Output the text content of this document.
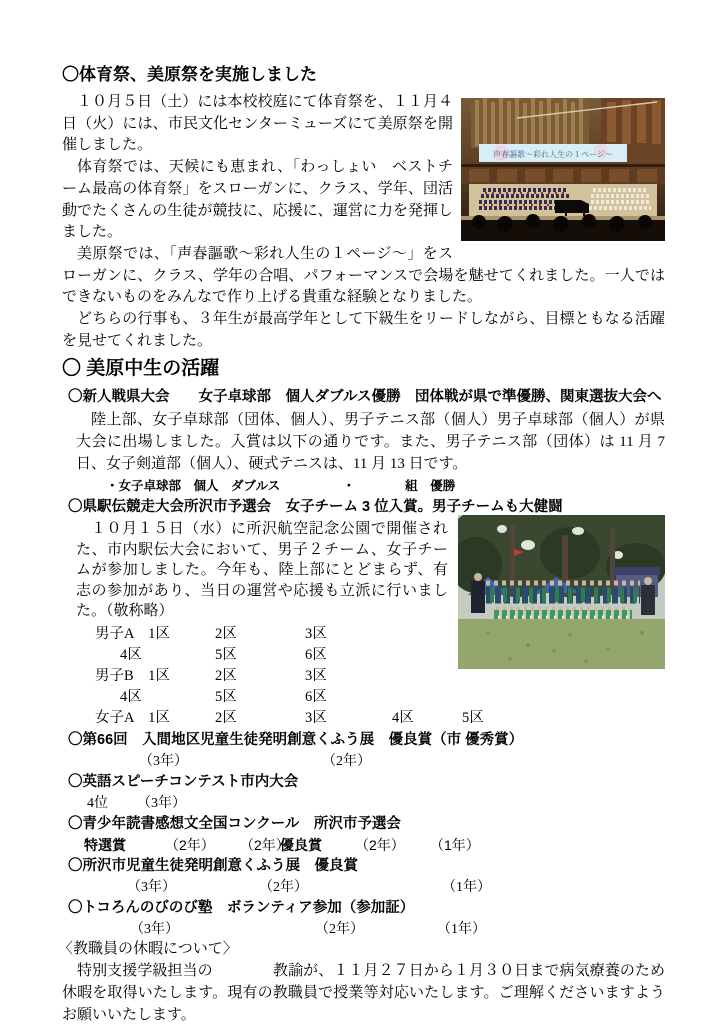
〇体育祭、美原祭を実施しました
声春謳歌～彩れ人生の１ページ～

１０月５日（土）には本校校庭にて体育祭を、１１月４日（火）には、市民文化センターミューズにて美原祭を開催しました。

体育祭では、天候にも恵まれ、「わっしょい　ベストチーム最高の体育祭」をスローガンに、クラス、学年、団活動でたくさんの生徒が競技に、応援に、運営に力を発揮しました。

美原祭では、「声春謳歌～彩れ人生の１ページ～」をスローガンに、クラス、学年の合唱、パフォーマンスで会場を魅せてくれました。一人ではできないものをみんなで作り上げる貴重な経験となりました。

どちらの行事も、３年生が最高学年として下級生をリードしながら、目標ともなる活躍を見せてくれました。

〇 美原中生の活躍
〇新人戦県大会　　女子卓球部　個人ダブルス優勝　団体戦が県で準優勝、関東選抜大会へ

陸上部、女子卓球部（団体、個人）、男子テニス部（個人）男子卓球部（個人）が県大会に出場しました。入賞は以下の通りです。また、男子テニス部（団体）は 11 月 7 日、女子剣道部（個人）、硬式テニスは、11 月 13 日です。

・女子卓球部　個人　ダブルス　　　　　・　　　　組　優勝
〇県駅伝競走大会所沢市予選会　女子チーム 3 位入賞。男子チームも大健闘

１０月１５日（水）に所沢航空記念公園で開催された、市内駅伝大会において、男子２チーム、女子チームが参加しました。今年も、陸上部にとどまらず、有志の参加があり、当日の運営や応援も立派に行いました。（敬称略）

男子A　1区	2区	3区
4区	5区	6区
男子B　1区	2区	3区
4区	5区	6区
女子A　1区	2区	3区	4区	5区
〇第66回　入間地区児童生徒発明創意くふう展　優良賞（市 優秀賞）
（3年）	（2年）
〇英語スピーチコンテスト市内大会
4位 （3年）
〇青少年読書感想文全国コンクール　所沢市予選会
特選賞	（2年） （2年）
優良賞 （2年） （1年）
〇所沢市児童生徒発明創意くふう展　優良賞
（3年）	（2年）	（1年）
〇トコろんのびのび塾　ボランティア参加（参加証）
（3年）	（2年）	（1年）
〈教職員の休暇について〉

特別支援学級担当の　　　　教諭が、１１月２７日から１月３０日まで病気療養のため休暇を取得いたします。現有の教職員で授業等対応いたします。ご理解くださいますようお願いいたします。
